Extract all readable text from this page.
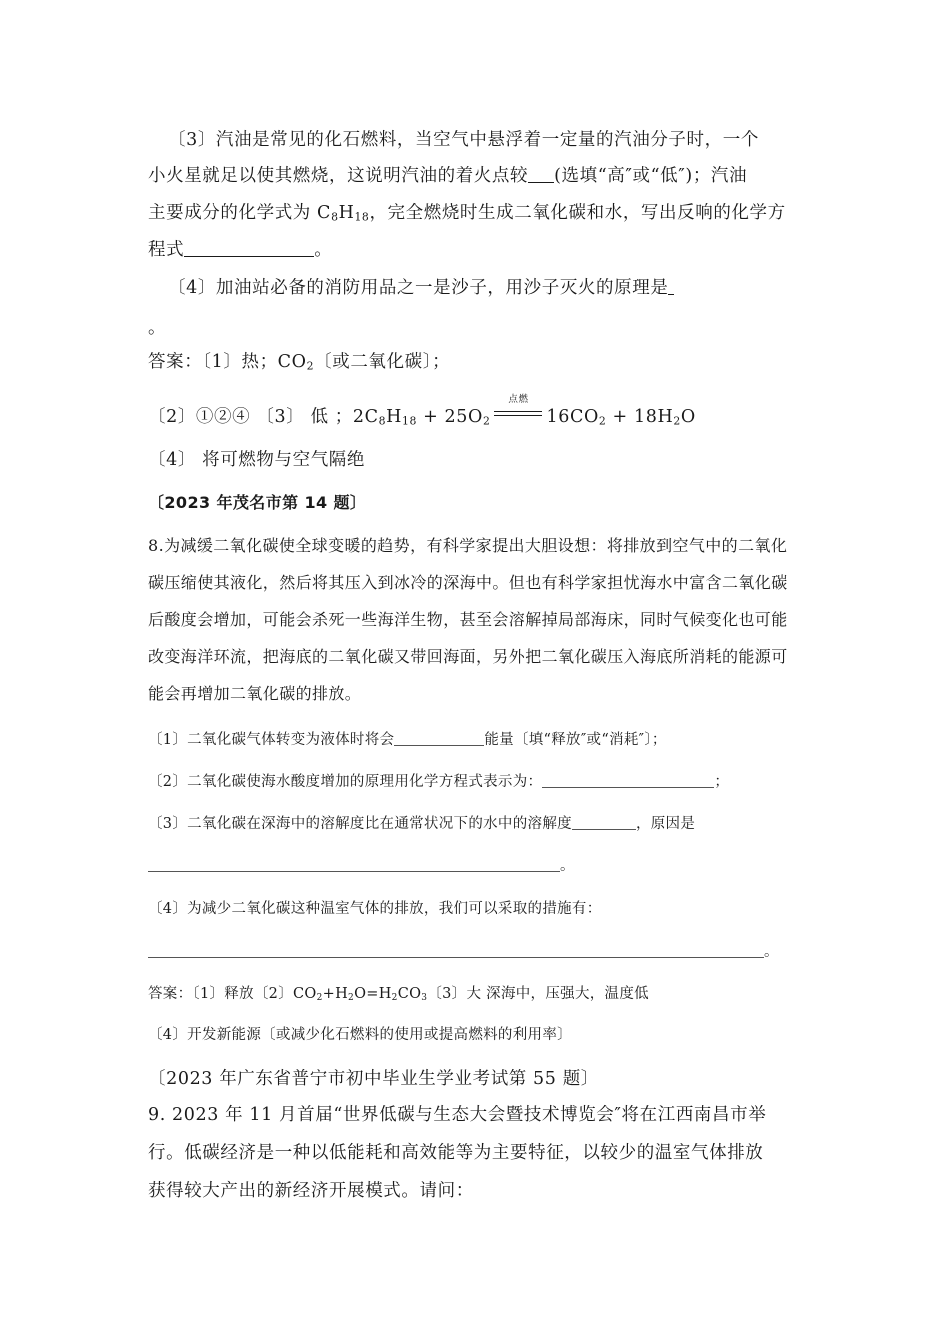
〔3〕汽油是常见的化石燃料，当空气中悬浮着一定量的汽油分子时，一个
小火星就足以使其燃烧，这说明汽油的着火点较 (选填“高″或“低″)；汽油
主要成分的化学式为 $C_8H_{18}$，完全燃烧时生成二氧化碳和水，写出反响的化学方
程式	。
〔4〕加油站必备的消防用品之一是沙子，用沙子灭火的原理是
。
答案：〔1〕热；$CO_2$〔或二氧化碳〕；
〔2〕①②④ 〔3〕 低 ；$2C_8H_{18} + 25O_2$
点燃
$16CO_2 + 18H_2O$
〔4〕 将可燃物与空气隔绝
〔2023 年茂名市第 14 题〕
8.为减缓二氧化碳使全球变暖的趋势，有科学家提出大胆设想：将排放到空气中的二氧化
碳压缩使其液化，然后将其压入到冰冷的深海中。但也有科学家担忧海水中富含二氧化碳
后酸度会增加，可能会杀死一些海洋生物，甚至会溶解掉局部海床，同时气候变化也可能
改变海洋环流，把海底的二氧化碳又带回海面，另外把二氧化碳压入海底所消耗的能源可
能会再增加二氧化碳的排放。
〔1〕二氧化碳气体转变为液体时将会	能量〔填“释放″或“消耗″〕；
〔2〕二氧化碳使海水酸度增加的原理用化学方程式表示为：	；
〔3〕二氧化碳在深海中的溶解度比在通常状况下的水中的溶解度	，原因是
。
〔4〕为减少二氧化碳这种温室气体的排放，我们可以采取的措施有：
。
答案：〔1〕释放〔2〕$CO_2+H_2O=H_2CO_3$〔3〕大 深海中，压强大，温度低
〔4〕开发新能源〔或减少化石燃料的使用或提高燃料的利用率〕
〔2023 年广东省普宁市初中毕业生学业考试第 55 题〕
9. 2023 年 11 月首届“世界低碳与生态大会暨技术博览会″将在江西南昌市举
行。低碳经济是一种以低能耗和高效能等为主要特征，以较少的温室气体排放
获得较大产出的新经济开展模式。请问：
